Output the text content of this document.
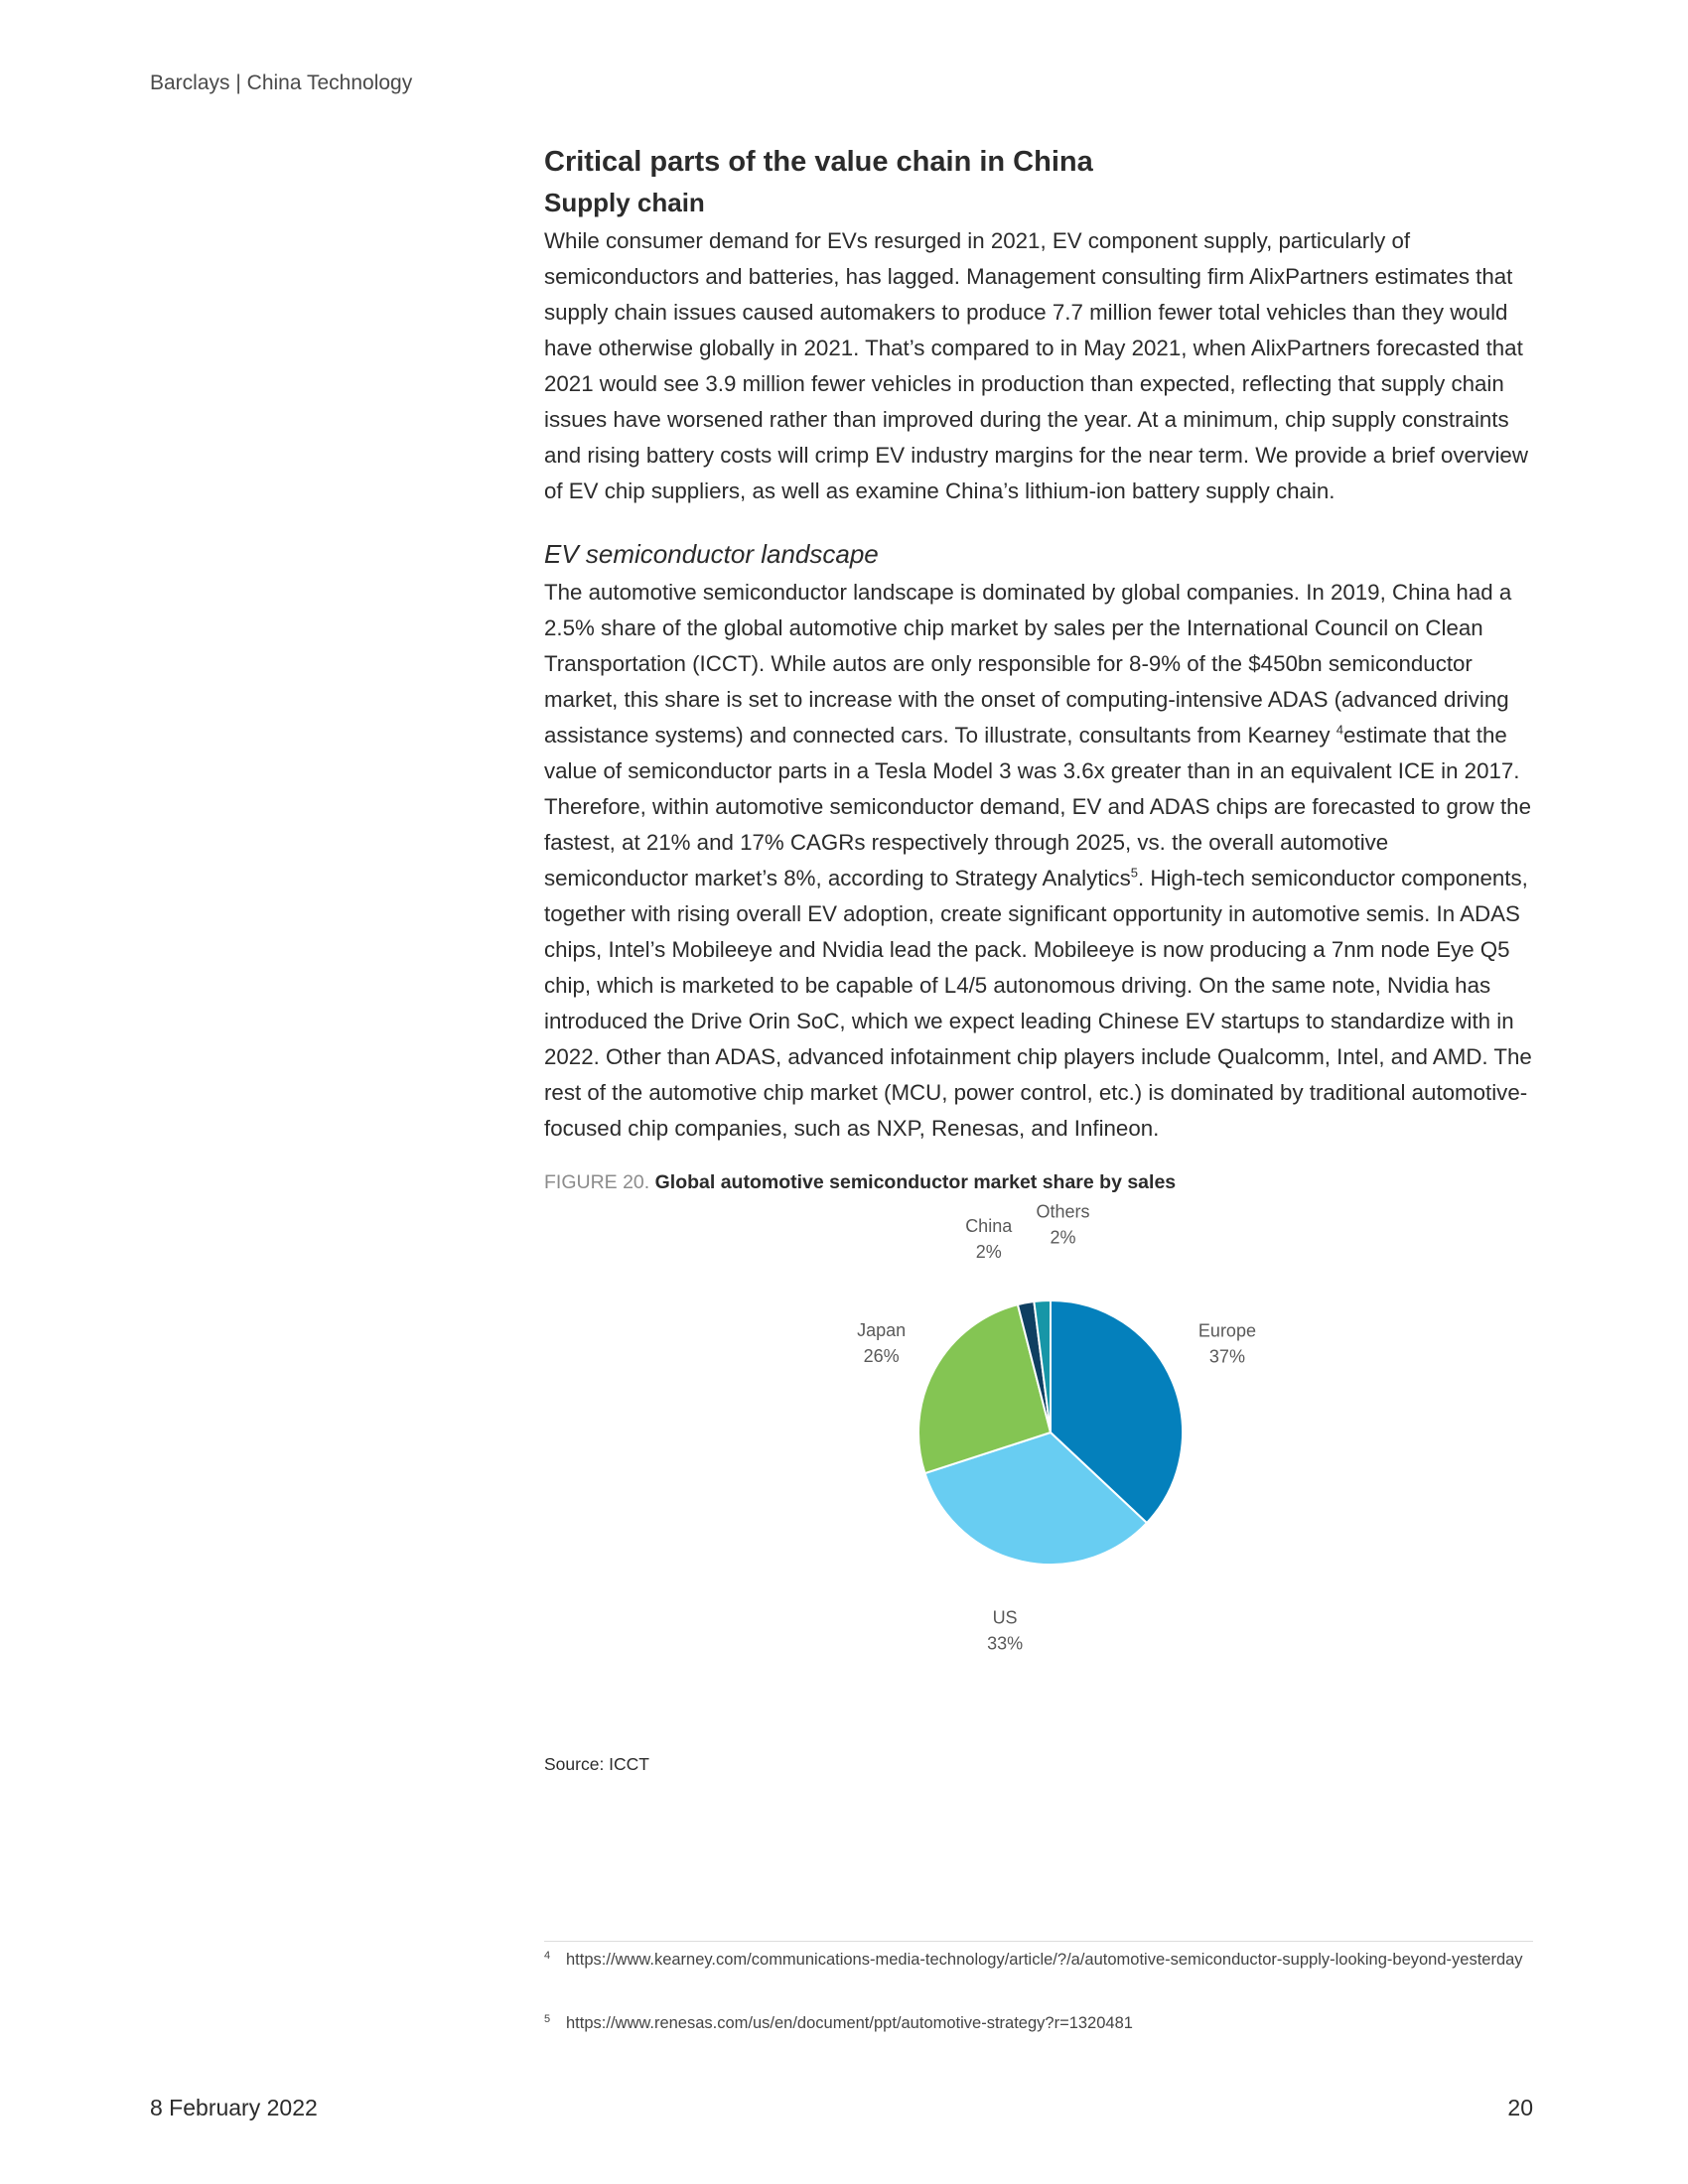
Barclays | China Technology
Critical parts of the value chain in China
Supply chain

While consumer demand for EVs resurged in 2021, EV component supply, particularly of semiconductors and batteries, has lagged. Management consulting firm AlixPartners estimates that supply chain issues caused automakers to produce 7.7 million fewer total vehicles than they would have otherwise globally in 2021. That’s compared to in May 2021, when AlixPartners forecasted that 2021 would see 3.9 million fewer vehicles in production than expected, reflecting that supply chain issues have worsened rather than improved during the year. At a minimum, chip supply constraints and rising battery costs will crimp EV industry margins for the near term. We provide a brief overview of EV chip suppliers, as well as examine China’s lithium-ion battery supply chain.

EV semiconductor landscape

The automotive semiconductor landscape is dominated by global companies. In 2019, China had a 2.5% share of the global automotive chip market by sales per the International Council on Clean Transportation (ICCT). While autos are only responsible for 8-9% of the $450bn semiconductor market, this share is set to increase with the onset of computing-intensive ADAS (advanced driving assistance systems) and connected cars. To illustrate, consultants from Kearney $^4$estimate that the value of semiconductor parts in a Tesla Model 3 was 3.6x greater than in an equivalent ICE in 2017. Therefore, within automotive semiconductor demand, EV and ADAS chips are forecasted to grow the fastest, at 21% and 17% CAGRs respectively through 2025, vs. the overall automotive semiconductor market’s 8%, according to Strategy Analytics$^5$. High-tech semiconductor components, together with rising overall EV adoption, create significant opportunity in automotive semis. In ADAS chips, Intel’s Mobileeye and Nvidia lead the pack. Mobileeye is now producing a 7nm node Eye Q5 chip, which is marketed to be capable of L4/5 autonomous driving. On the same note, Nvidia has introduced the Drive Orin SoC, which we expect leading Chinese EV startups to standardize with in 2022. Other than ADAS, advanced infotainment chip players include Qualcomm, Intel, and AMD. The rest of the automotive chip market (MCU, power control, etc.) is dominated by traditional automotive-focused chip companies, such as NXP, Renesas, and Infineon.

FIGURE 20. Global automotive semiconductor market share by sales
Europe
37%
US
33%
Japan
26%
China
2%
Others
2%
Source: ICCT
4 https://www.kearney.com/communications-media-technology/article/?/a/automotive-semiconductor-supply-looking-beyond-yesterday
5 https://www.renesas.com/us/en/document/ppt/automotive-strategy?r=1320481
8 February 2022	20
